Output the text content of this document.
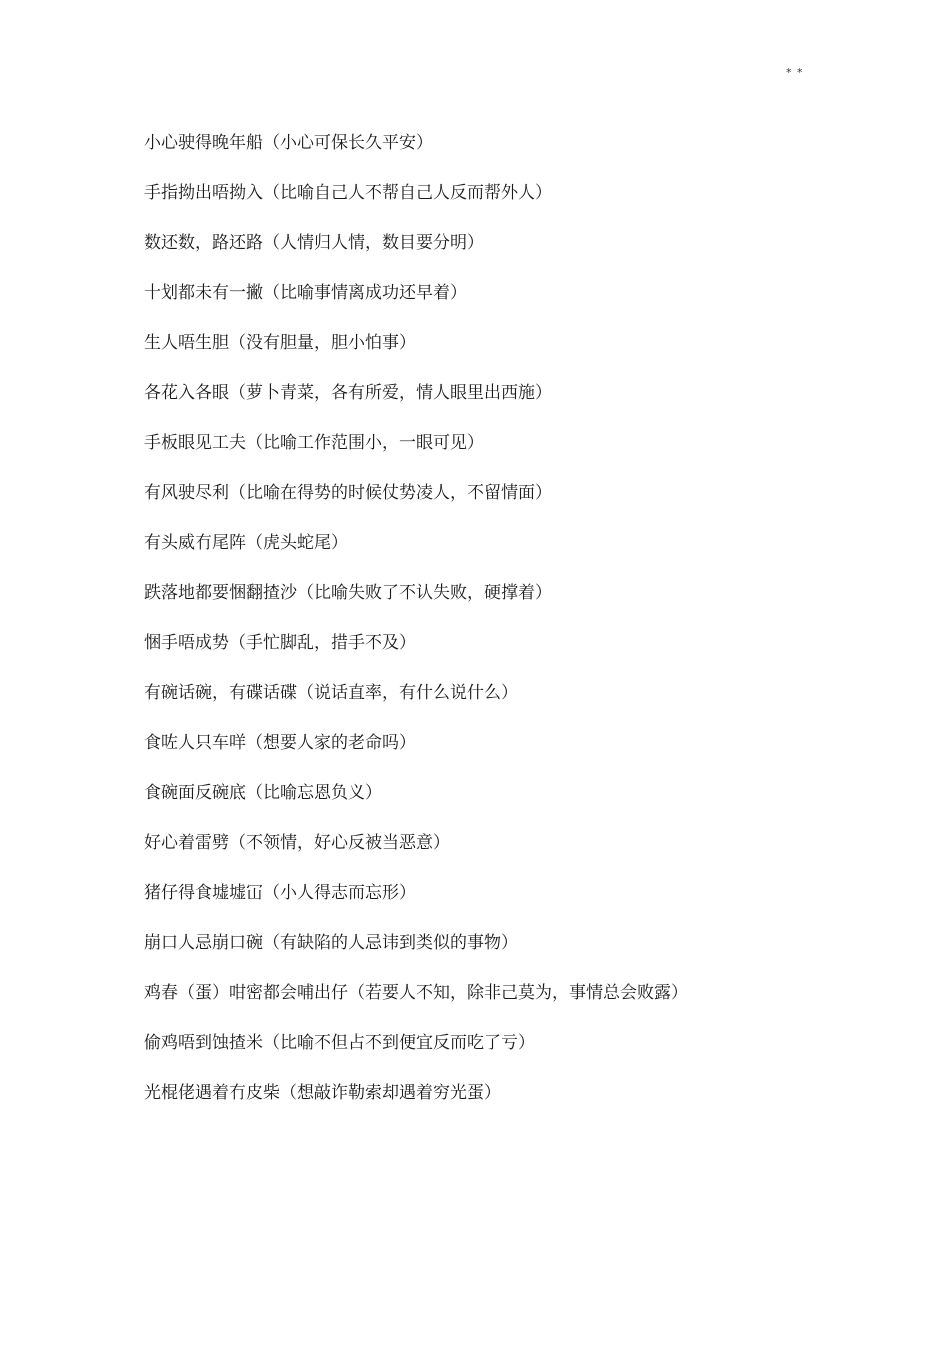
* *
小心驶得晚年船（小心可保长久平安）
手指拗出唔拗入（比喻自己人不帮自己人反而帮外人）
数还数，路还路（人情归人情，数目要分明）
十划都未有一撇（比喻事情离成功还早着）
生人唔生胆（没有胆量，胆小怕事）
各花入各眼（萝卜青菜，各有所爱，情人眼里出西施）
手板眼见工夫（比喻工作范围小，一眼可见）
有风驶尽利（比喻在得势的时候仗势凌人，不留情面）
有头威冇尾阵（虎头蛇尾）
跌落地都要悃翻揸沙（比喻失败了不认失败，硬撑着）
悃手唔成势（手忙脚乱，措手不及）
有碗话碗，有碟话碟（说话直率，有什么说什么）
食咗人只车咩（想要人家的老命吗）
食碗面反碗底（比喻忘恩负义）
好心着雷劈（不领情，好心反被当恶意）
猪仔得食墟墟冚（小人得志而忘形）
崩口人忌崩口碗（有缺陷的人忌讳到类似的事物）
鸡春（蛋）咁密都会哺出仔（若要人不知，除非己莫为，事情总会败露）
偷鸡唔到蚀揸米（比喻不但占不到便宜反而吃了亏）
光棍佬遇着冇皮柴（想敲诈勒索却遇着穷光蛋）
